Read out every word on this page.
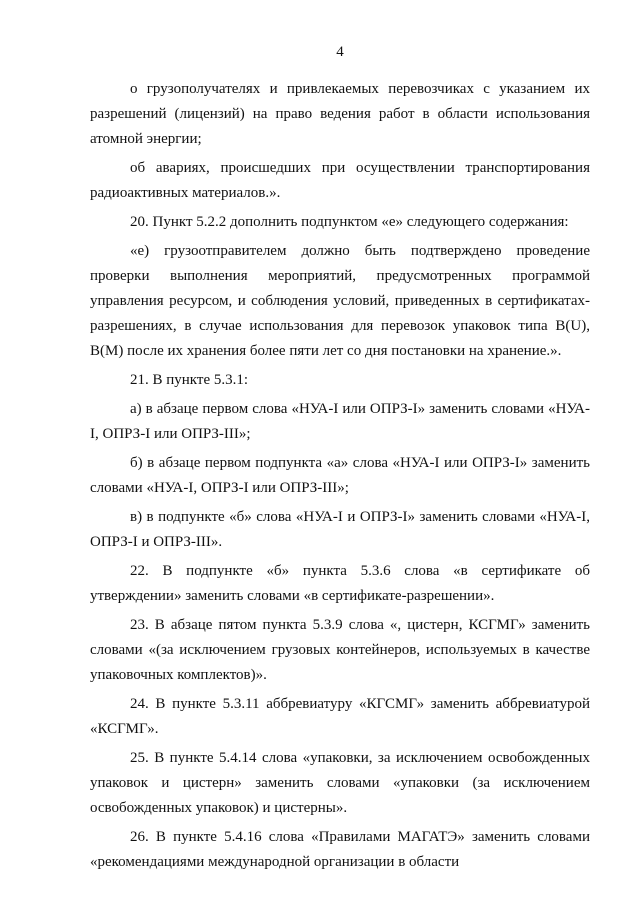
4

о грузополучателях и привлекаемых перевозчиках с указанием их разрешений (лицензий) на право ведения работ в области использования атомной энергии;

об авариях, происшедших при осуществлении транспортирования радиоактивных материалов.».

20. Пункт 5.2.2 дополнить подпунктом «е» следующего содержания:

«е) грузоотправителем должно быть подтверждено проведение проверки выполнения мероприятий, предусмотренных программой управления ресурсом, и соблюдения условий, приведенных в сертификатах-разрешениях, в случае использования для перевозок упаковок типа B(U), B(M) после их хранения более пяти лет со дня постановки на хранение.».

21. В пункте 5.3.1:

а) в абзаце первом слова «НУА-I или ОПРЗ-I» заменить словами «НУА-I, ОПРЗ-I или ОПРЗ-III»;

б) в абзаце первом подпункта «а» слова «НУА-I или ОПРЗ-I» заменить словами «НУА-I, ОПРЗ-I или ОПРЗ-III»;

в) в подпункте «б» слова «НУА-I и ОПРЗ-I» заменить словами «НУА-I, ОПРЗ-I и ОПРЗ-III».

22. В подпункте «б» пункта 5.3.6 слова «в сертификате об утверждении» заменить словами «в сертификате-разрешении».

23. В абзаце пятом пункта 5.3.9 слова «, цистерн, КСГМГ» заменить словами «(за исключением грузовых контейнеров, используемых в качестве упаковочных комплектов)».

24. В пункте 5.3.11 аббревиатуру «КГСМГ» заменить аббревиатурой «КСГМГ».

25. В пункте 5.4.14 слова «упаковки, за исключением освобожденных упаковок и цистерн» заменить словами «упаковки (за исключением освобожденных упаковок) и цистерны».

26. В пункте 5.4.16 слова «Правилами МАГАТЭ» заменить словами «рекомендациями международной организации в области
